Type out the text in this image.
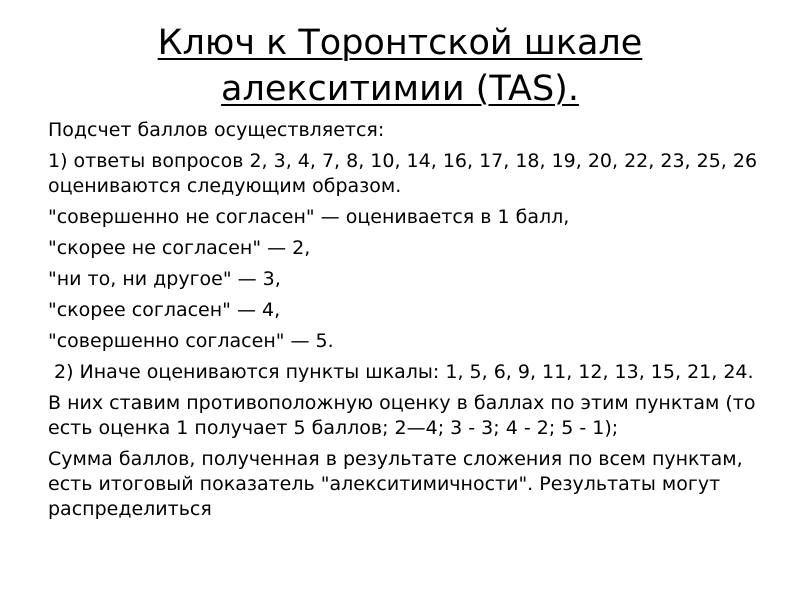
Ключ к Торонтской шкале
алекситимии (TAS).

Подсчет баллов осуществляется:

1) ответы вопросов 2, 3, 4, 7, 8, 10, 14, 16, 17, 18, 19, 20, 22, 23, 25, 26 оцениваются следующим образом.

"совершенно не согласен" — оценивается в 1 балл,

"скорее не согласен" — 2,

"ни то, ни другое" — 3,

"скорее согласен" — 4,

"совершенно согласен" — 5.

2) Иначе оцениваются пункты шкалы: 1, 5, 6, 9, 11, 12, 13, 15, 21, 24.

В них ставим противоположную оценку в баллах по этим пунктам (то есть оценка 1 получает 5 баллов; 2—4; 3 - 3; 4 - 2; 5 - 1);

Сумма баллов, полученная в результате сложения по всем пунктам, есть итоговый показатель "алекситимичности". Результаты могут распределиться
